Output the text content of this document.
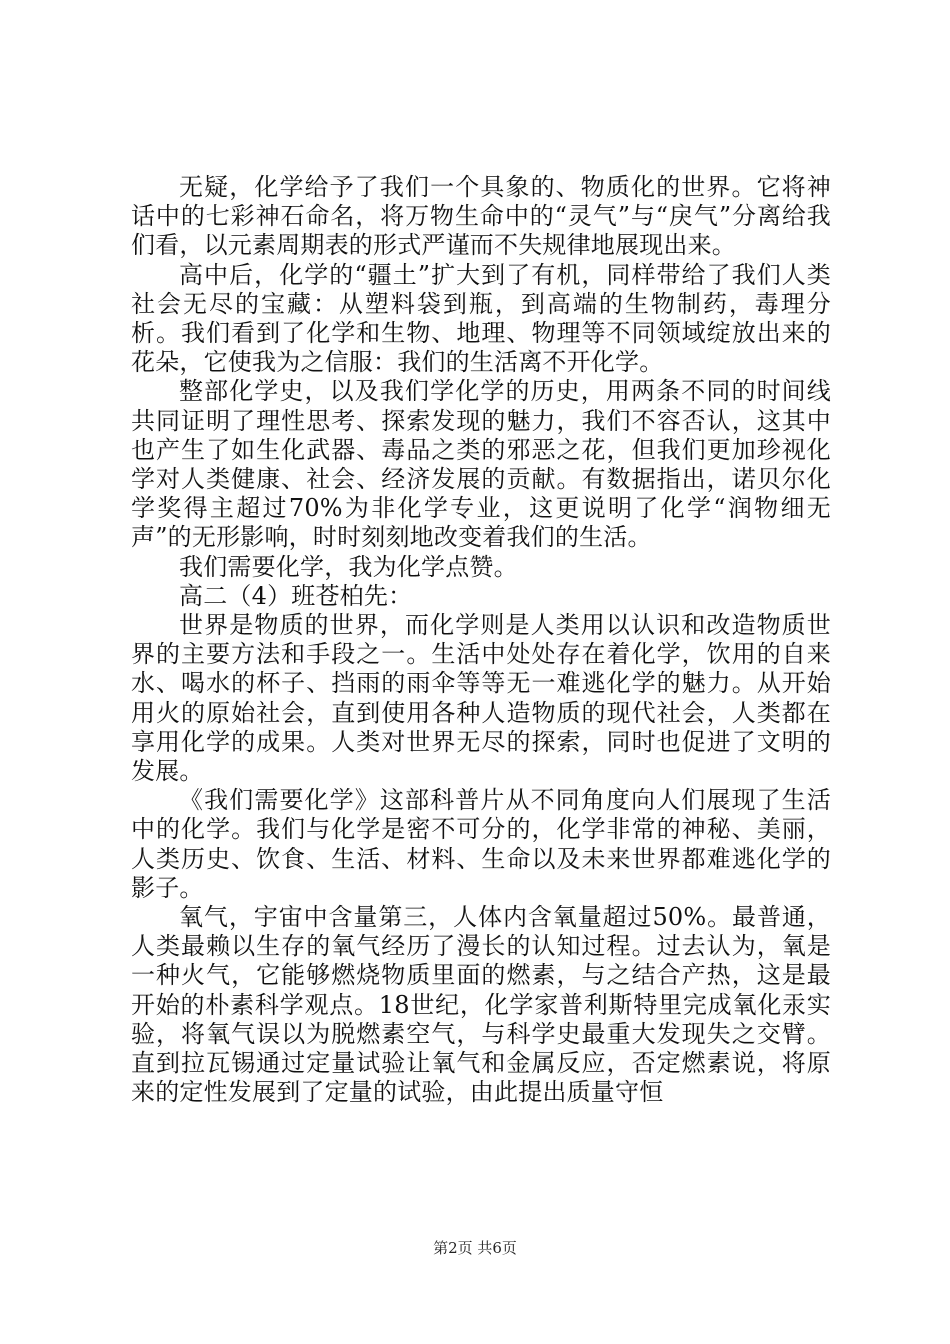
无疑，化学给予了我们一个具象的、物质化的世界。它将神话中的七彩神石命名，将万物生命中的“灵气”与“戾气”分离给我们看，以元素周期表的形式严谨而不失规律地展现出来。

高中后，化学的“疆土”扩大到了有机，同样带给了我们人类社会无尽的宝藏：从塑料袋到瓶，到高端的生物制药，毒理分析。我们看到了化学和生物、地理、物理等不同领域绽放出来的花朵，它使我为之信服：我们的生活离不开化学。

整部化学史，以及我们学化学的历史，用两条不同的时间线共同证明了理性思考、探索发现的魅力，我们不容否认，这其中也产生了如生化武器、毒品之类的邪恶之花，但我们更加珍视化学对人类健康、社会、经济发展的贡献。有数据指出，诺贝尔化学奖得主超过70%为非化学专业，这更说明了化学“润物细无声”的无形影响，时时刻刻地改变着我们的生活。

我们需要化学，我为化学点赞。

高二（4）班苍柏先：

世界是物质的世界，而化学则是人类用以认识和改造物质世界的主要方法和手段之一。生活中处处存在着化学，饮用的自来水、喝水的杯子、挡雨的雨伞等等无一难逃化学的魅力。从开始用火的原始社会，直到使用各种人造物质的现代社会，人类都在享用化学的成果。人类对世界无尽的探索，同时也促进了文明的发展。

《我们需要化学》这部科普片从不同角度向人们展现了生活中的化学。我们与化学是密不可分的，化学非常的神秘、美丽，人类历史、饮食、生活、材料、生命以及未来世界都难逃化学的影子。

氧气，宇宙中含量第三，人体内含氧量超过50%。最普通，人类最赖以生存的氧气经历了漫长的认知过程。过去认为，氧是一种火气，它能够燃烧物质里面的燃素，与之结合产热，这是最开始的朴素科学观点。18世纪，化学家普利斯特里完成氧化汞实验，将氧气误以为脱燃素空气，与科学史最重大发现失之交臂。直到拉瓦锡通过定量试验让氧气和金属反应，否定燃素说，将原来的定性发展到了定量的试验，由此提出质量守恒

第2页 共6页
